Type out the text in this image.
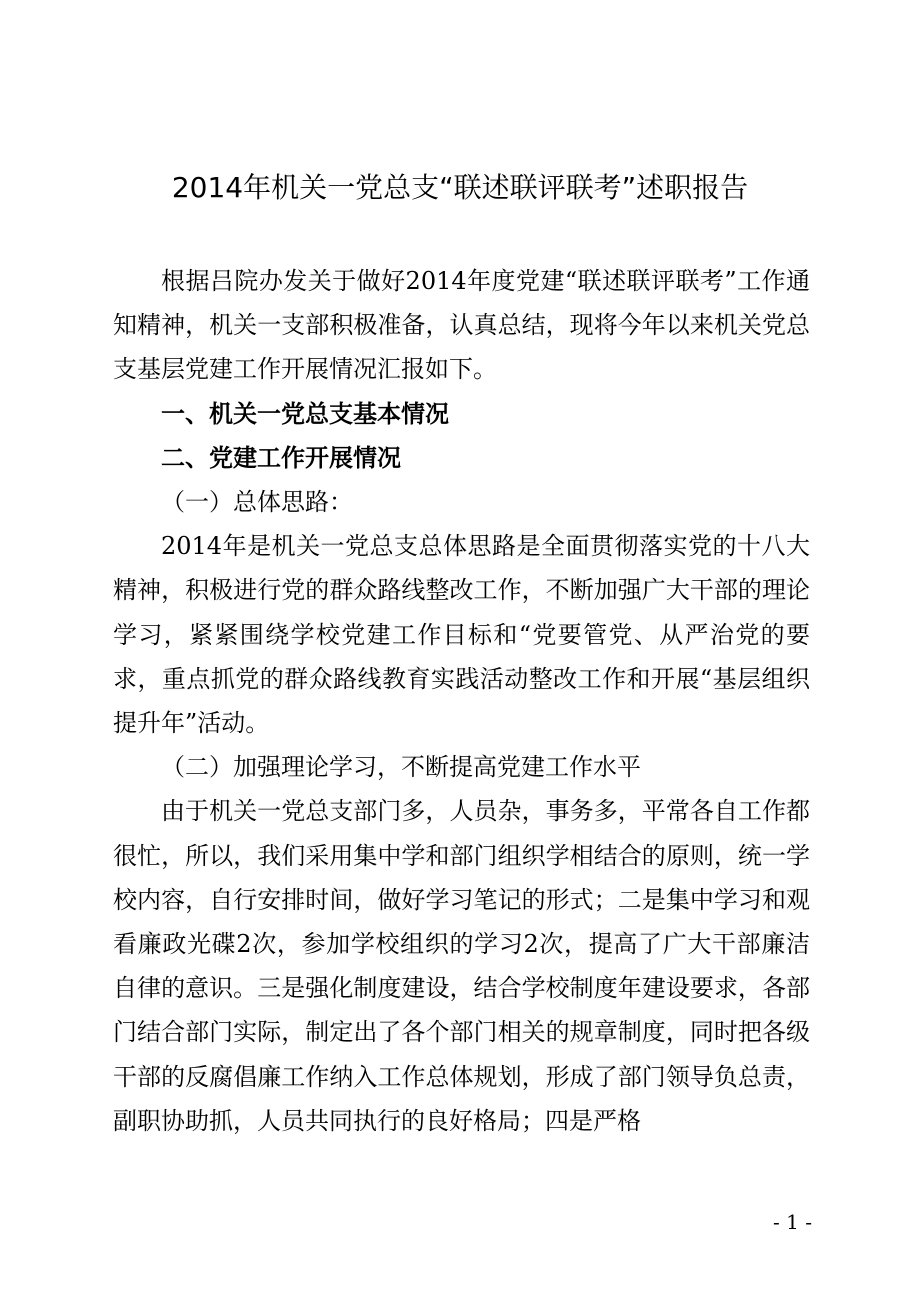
2014年机关一党总支“联述联评联考”述职报告

根据吕院办发关于做好2014年度党建“联述联评联考”工作通知精神，机关一支部积极准备，认真总结，现将今年以来机关党总支基层党建工作开展情况汇报如下。

一、机关一党总支基本情况

二、党建工作开展情况

（一）总体思路：

2014年是机关一党总支总体思路是全面贯彻落实党的十八大精神，积极进行党的群众路线整改工作，不断加强广大干部的理论学习，紧紧围绕学校党建工作目标和“党要管党、从严治党的要求，重点抓党的群众路线教育实践活动整改工作和开展“基层组织提升年”活动。

（二）加强理论学习，不断提高党建工作水平

由于机关一党总支部门多，人员杂，事务多，平常各自工作都很忙，所以，我们采用集中学和部门组织学相结合的原则，统一学校内容，自行安排时间，做好学习笔记的形式；二是集中学习和观看廉政光碟2次，参加学校组织的学习2次，提高了广大干部廉洁自律的意识。三是强化制度建设，结合学校制度年建设要求，各部门结合部门实际，制定出了各个部门相关的规章制度，同时把各级干部的反腐倡廉工作纳入工作总体规划，形成了部门领导负总责，副职协助抓，人员共同执行的良好格局；四是严格

- 1 -
